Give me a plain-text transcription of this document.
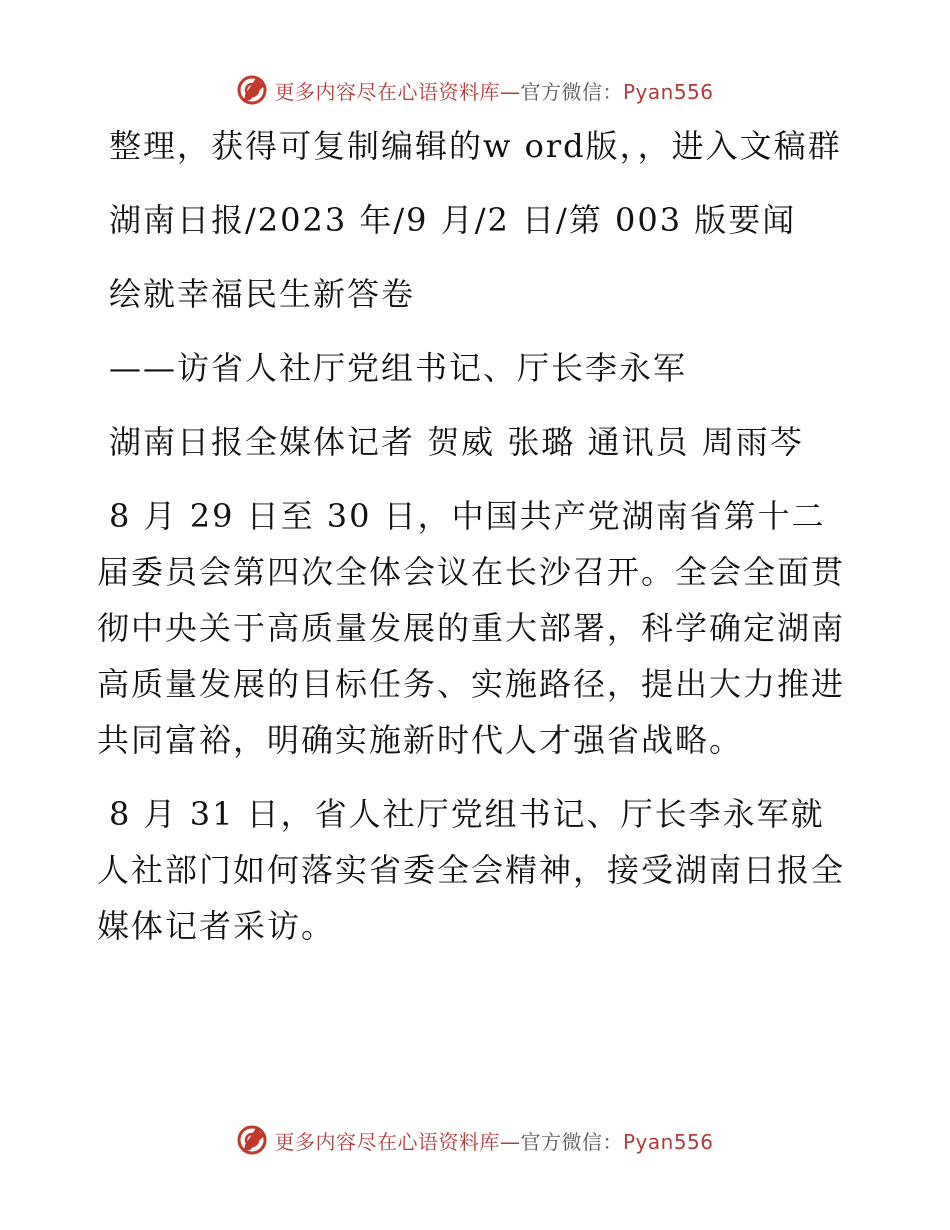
更多内容尽在心语资料库—官方微信：Pyan556

整理，获得可复制编辑的w ord版，，进入文稿群

湖南日报/2023 年/9 月/2 日/第 003 版要闻

绘就幸福民生新答卷

——访省人社厅党组书记、厅长李永军

湖南日报全媒体记者 贺威 张璐 通讯员 周雨芩

8 月 29 日至 30 日，中国共产党湖南省第十二届委员会第四次全体会议在长沙召开。全会全面贯彻中央关于高质量发展的重大部署，科学确定湖南高质量发展的目标任务、实施路径，提出大力推进共同富裕，明确实施新时代人才强省战略。

8 月 31 日，省人社厅党组书记、厅长李永军就人社部门如何落实省委全会精神，接受湖南日报全媒体记者采访。

更多内容尽在心语资料库—官方微信：Pyan556
